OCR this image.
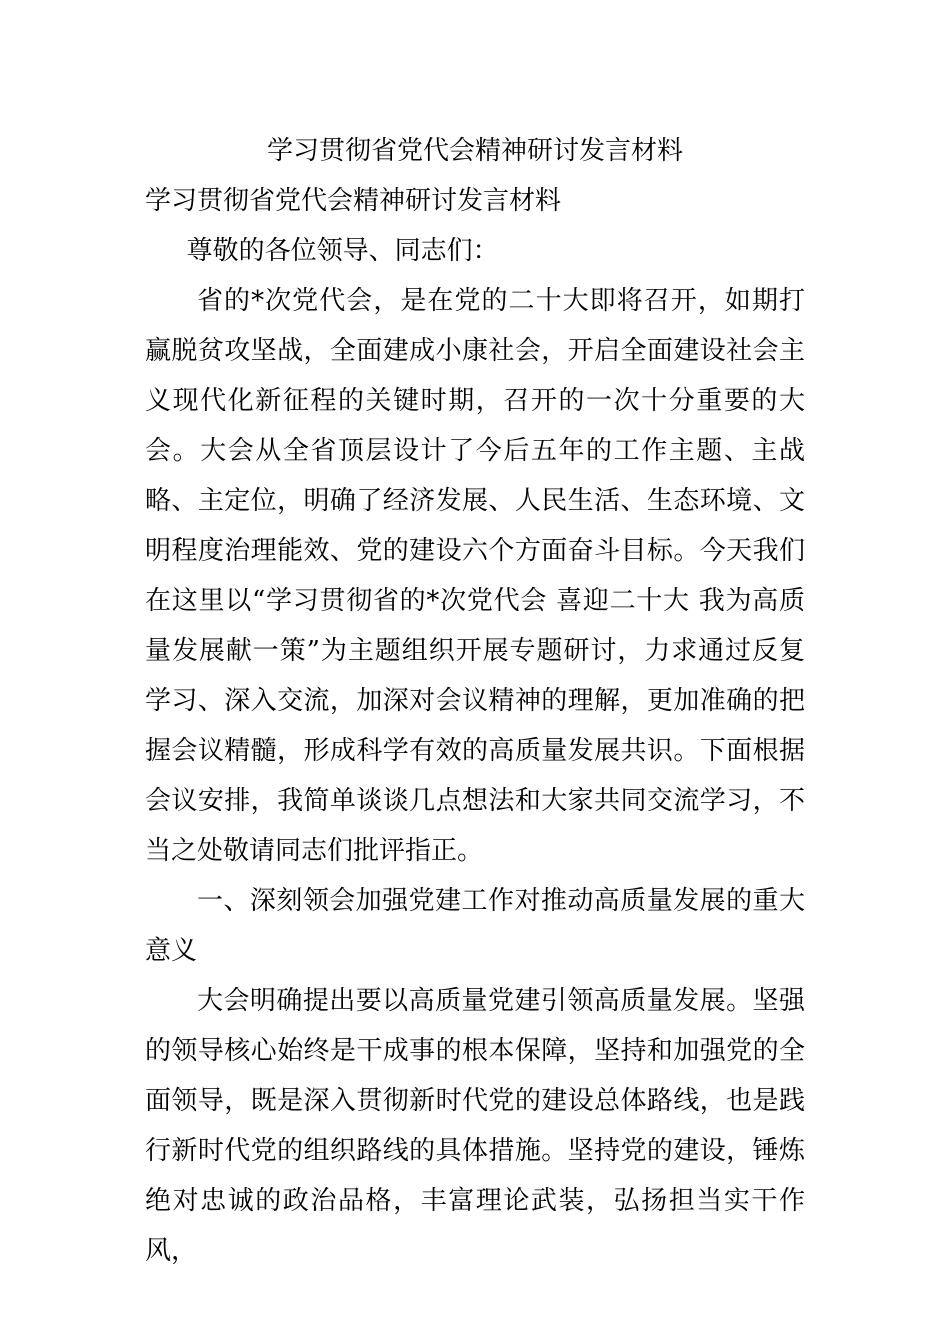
学习贯彻省党代会精神研讨发言材料

学习贯彻省党代会精神研讨发言材料

尊敬的各位领导、同志们：

省的*次党代会，是在党的二十大即将召开，如期打赢脱贫攻坚战，全面建成小康社会，开启全面建设社会主义现代化新征程的关键时期，召开的一次十分重要的大会。大会从全省顶层设计了今后五年的工作主题、主战略、主定位，明确了经济发展、人民生活、生态环境、文明程度治理能效、党的建设六个方面奋斗目标。今天我们在这里以“学习贯彻省的*次党代会 喜迎二十大 我为高质量发展献一策”为主题组织开展专题研讨，力求通过反复学习、深入交流，加深对会议精神的理解，更加准确的把握会议精髓，形成科学有效的高质量发展共识。下面根据会议安排，我简单谈谈几点想法和大家共同交流学习，不当之处敬请同志们批评指正。

一、深刻领会加强党建工作对推动高质量发展的重大意义

大会明确提出要以高质量党建引领高质量发展。坚强的领导核心始终是干成事的根本保障，坚持和加强党的全面领导，既是深入贯彻新时代党的建设总体路线，也是践行新时代党的组织路线的具体措施。坚持党的建设，锤炼绝对忠诚的政治品格，丰富理论武装，弘扬担当实干作风，
